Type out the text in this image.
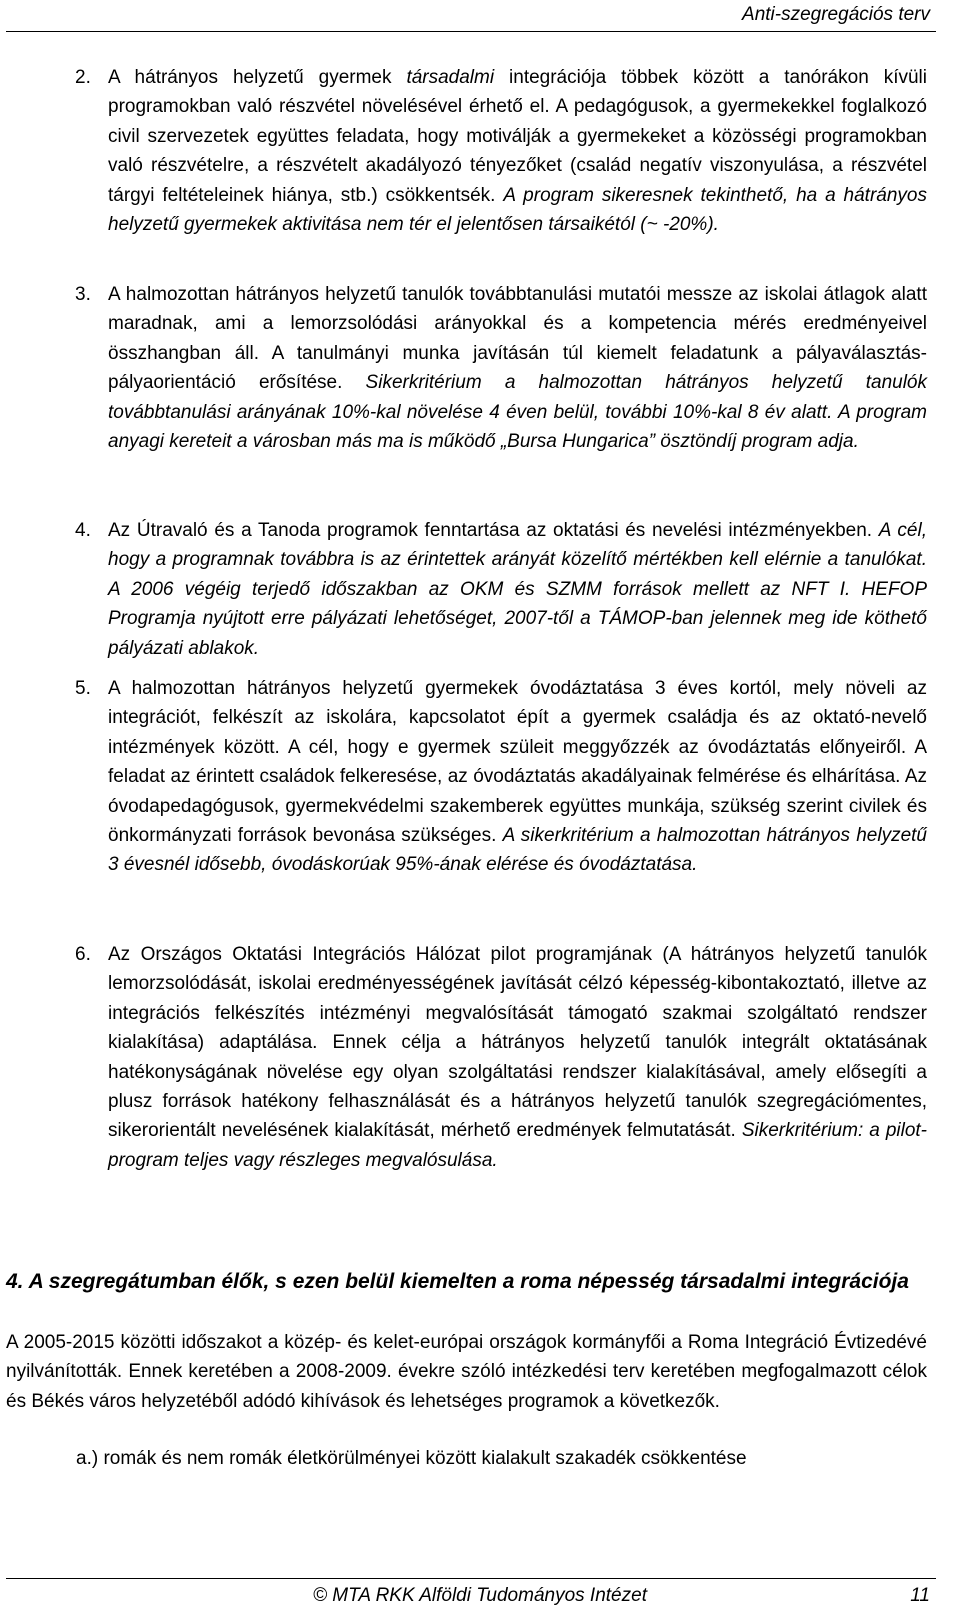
Anti-szegregációs terv
2. A hátrányos helyzetű gyermek társadalmi integrációja többek között a tanórákon kívüli programokban való részvétel növelésével érhető el. A pedagógusok, a gyermekekkel foglalkozó civil szervezetek együttes feladata, hogy motiválják a gyermekeket a közösségi programokban való részvételre, a részvételt akadályozó tényezőket (család negatív viszonyulása, a részvétel tárgyi feltételeinek hiánya, stb.) csökkentsék. A program sikeresnek tekinthető, ha a hátrányos helyzetű gyermekek aktivitása nem tér el jelentősen társaikétól (~ -20%).
3. A halmozottan hátrányos helyzetű tanulók továbbtanulási mutatói messze az iskolai átlagok alatt maradnak, ami a lemorzsolódási arányokkal és a kompetencia mérés eredményeivel összhangban áll. A tanulmányi munka javításán túl kiemelt feladatunk a pályaválasztás-pályaorientáció erősítése. Sikerkritérium a halmozottan hátrányos helyzetű tanulók továbbtanulási arányának 10%-kal növelése 4 éven belül, további 10%-kal 8 év alatt. A program anyagi kereteit a városban más ma is működő „Bursa Hungarica” ösztöndíj program adja.
4. Az Útravaló és a Tanoda programok fenntartása az oktatási és nevelési intézményekben. A cél, hogy a programnak továbbra is az érintettek arányát közelítő mértékben kell elérnie a tanulókat. A 2006 végéig terjedő időszakban az OKM és SZMM források mellett az NFT I. HEFOP Programja nyújtott erre pályázati lehetőséget, 2007-től a TÁMOP-ban jelennek meg ide köthető pályázati ablakok.
5. A halmozottan hátrányos helyzetű gyermekek óvodáztatása 3 éves kortól, mely növeli az integrációt, felkészít az iskolára, kapcsolatot épít a gyermek családja és az oktató-nevelő intézmények között. A cél, hogy e gyermek szüleit meggyőzzék az óvodáztatás előnyeiről. A feladat az érintett családok felkeresése, az óvodáztatás akadályainak felmérése és elhárítása. Az óvodapedagógusok, gyermekvédelmi szakemberek együttes munkája, szükség szerint civilek és önkormányzati források bevonása szükséges. A sikerkritérium a halmozottan hátrányos helyzetű 3 évesnél idősebb, óvodáskorúak 95%-ának elérése és óvodáztatása.
6. Az Országos Oktatási Integrációs Hálózat pilot programjának (A hátrányos helyzetű tanulók lemorzsolódását, iskolai eredményességének javítását célzó képesség-kibontakoztató, illetve az integrációs felkészítés intézményi megvalósítását támogató szakmai szolgáltató rendszer kialakítása) adaptálása. Ennek célja a hátrányos helyzetű tanulók integrált oktatásának hatékonyságának növelése egy olyan szolgáltatási rendszer kialakításával, amely elősegíti a plusz források hatékony felhasználását és a hátrányos helyzetű tanulók szegregációmentes, sikerorientált nevelésének kialakítását, mérhető eredmények felmutatását. Sikerkritérium: a pilot-program teljes vagy részleges megvalósulása.
4. A szegregátumban élők, s ezen belül kiemelten a roma népesség társadalmi integrációja
A 2005-2015 közötti időszakot a közép- és kelet-európai országok kormányfői a Roma Integráció Évtizedévé nyilvánították. Ennek keretében a 2008-2009. évekre szóló intézkedési terv keretében megfogalmazott célok és Békés város helyzetéből adódó kihívások és lehetséges programok a következők.
a.) romák és nem romák életkörülményei között kialakult szakadék csökkentése
© MTA RKK Alföldi Tudományos Intézet	11
